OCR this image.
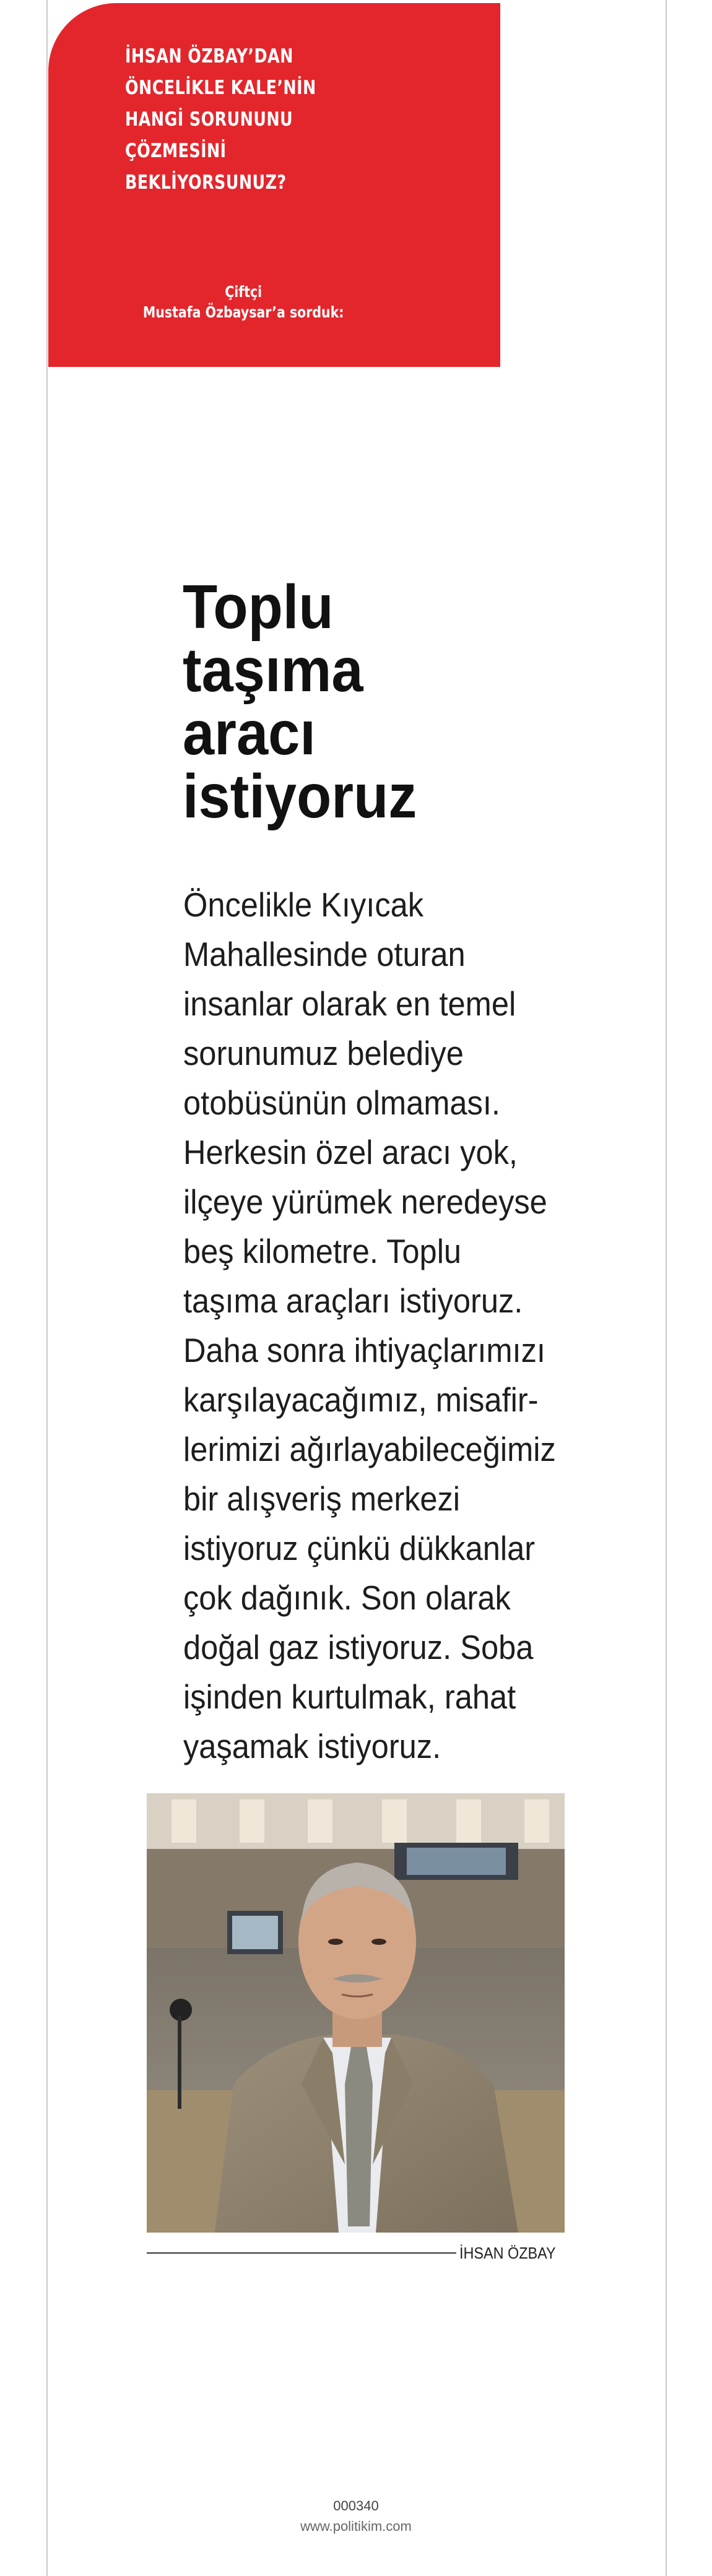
İHSAN ÖZBAY’DAN
ÖNCELİKLE KALE’NİN
HANGİ SORUNUNU
ÇÖZMESİNİ
BEKLİYORSUNUZ?
Çiftçi
Mustafa Özbaysar’a sorduk:
Toplu
taşıma
aracı
istiyoruz
Öncelikle Kıyıcak
Mahallesinde oturan
insanlar olarak en temel
sorunumuz belediye
otobüsünün olmaması.
Herkesin özel aracı yok,
ilçeye yürümek neredeyse
beş kilometre. Toplu
taşıma araçları istiyoruz.
Daha sonra ihtiyaçlarımızı
karşılayacağımız, misafir-
lerimizi ağırlayabileceğimiz
bir alışveriş merkezi
istiyoruz çünkü dükkanlar
çok dağınık. Son olarak
doğal gaz istiyoruz. Soba
işinden kurtulmak, rahat
yaşamak istiyoruz.
İHSAN ÖZBAY
000340
www.politikim.com
